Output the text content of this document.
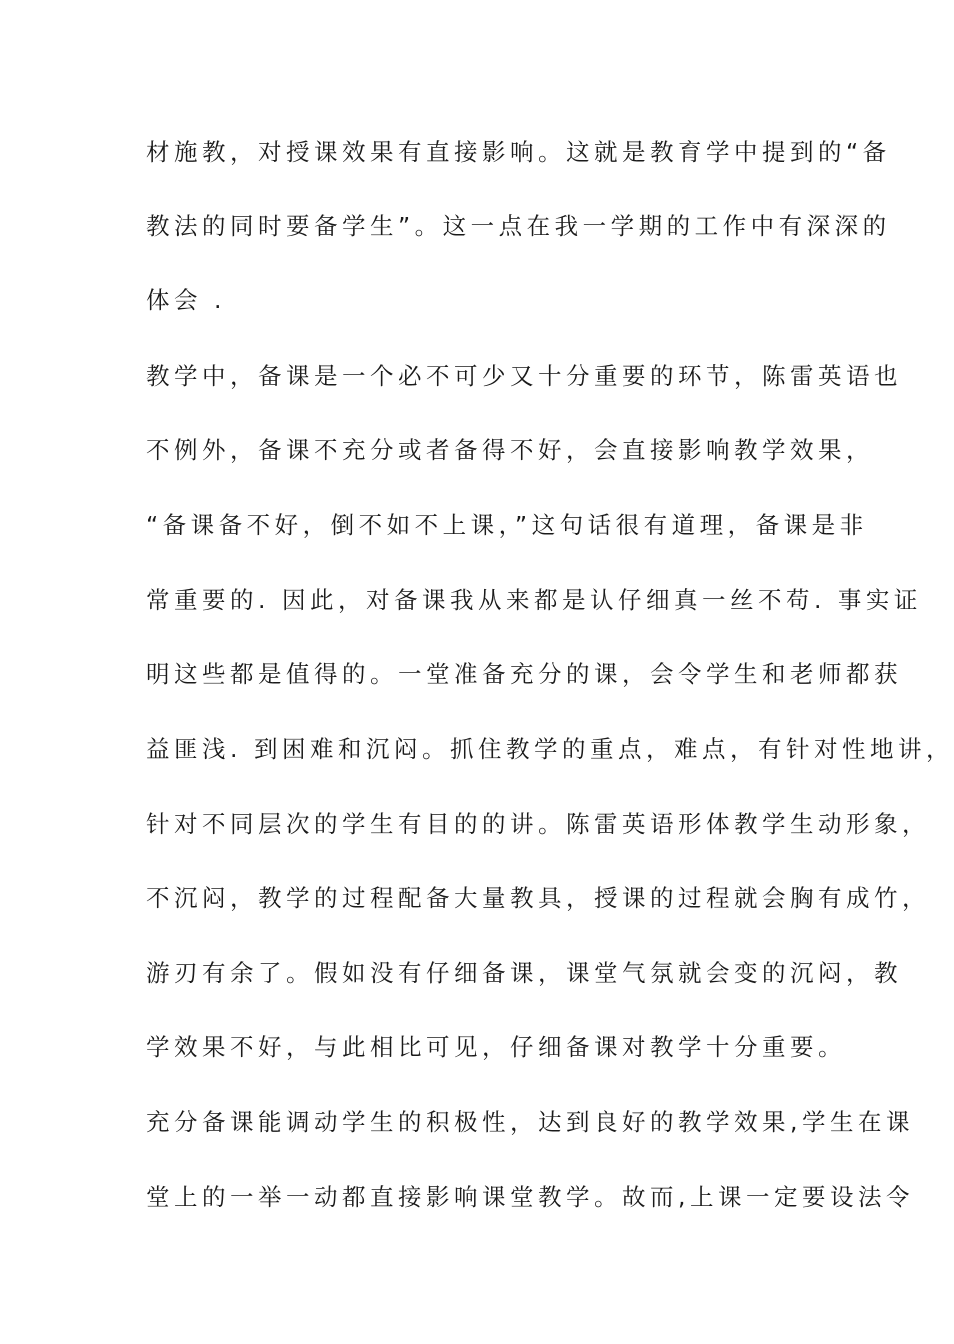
材施教，对授课效果有直接影响。这就是教育学中提到的“备
教法的同时要备学生”。这一点在我一学期的工作中有深深的
体会 .
教学中，备课是一个必不可少又十分重要的环节，陈雷英语也
不例外，备课不充分或者备得不好，会直接影响教学效果，
“备课备不好，倒不如不上课，”这句话很有道理，备课是非
常重要的. 因此，对备课我从来都是认仔细真一丝不苟. 事实证
明这些都是值得的。一堂准备充分的课，会令学生和老师都获
益匪浅. 到困难和沉闷。抓住教学的重点，难点，有针对性地讲，
针对不同层次的学生有目的的讲。陈雷英语形体教学生动形象，
不沉闷，教学的过程配备大量教具，授课的过程就会胸有成竹，
游刃有余了。假如没有仔细备课，课堂气氛就会变的沉闷，教
学效果不好，与此相比可见，仔细备课对教学十分重要。
充分备课能调动学生的积极性，达到良好的教学效果,学生在课
堂上的一举一动都直接影响课堂教学。故而,上课一定要设法令
